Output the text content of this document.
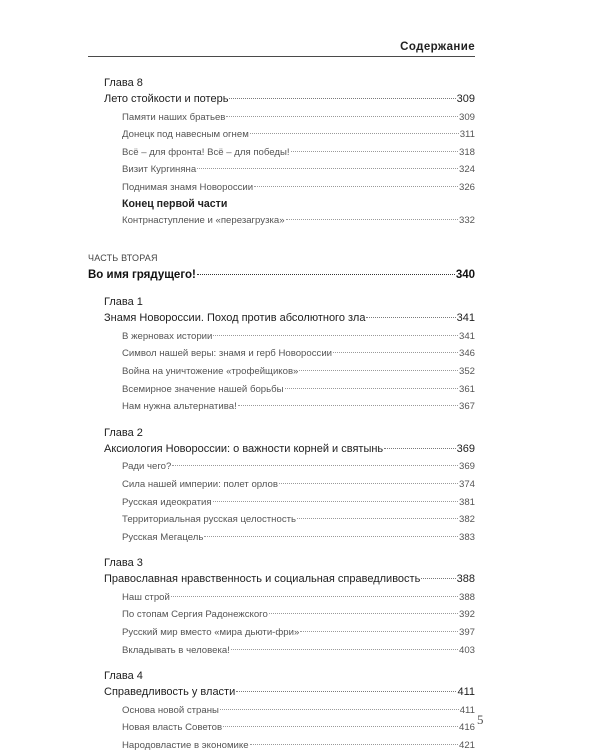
Содержание
Глава 8
Лето стойкости и потерь	309
Памяти наших братьев	309
Донецк под навесным огнем	311
Всё – для фронта! Всё – для победы!	318
Визит Кургиняна	324
Поднимая знамя Новороссии	326
Конец первой части
Контрнаступление и «перезагрузка»	332
ЧАСТЬ ВТОРАЯ
Во имя грядущего!	340
Глава 1
Знамя Новороссии. Поход против абсолютного зла	341
В жерновах истории	341
Символ нашей веры: знамя и герб Новороссии	346
Война на уничтожение «трофейщиков»	352
Всемирное значение нашей борьбы	361
Нам нужна альтернатива!	367
Глава 2
Аксиология Новороссии: о важности корней и святынь	369
Ради чего?	369
Сила нашей империи: полет орлов	374
Русская идеократия	381
Территориальная русская целостность	382
Русская Мегацель	383
Глава 3
Православная нравственность и социальная справедливость	388
Наш строй	388
По стопам Сергия Радонежского	392
Русский мир вместо «мира дьюти-фри»	397
Вкладывать в человека!	403
Глава 4
Справедливость у власти	411
Основа новой страны	411
Новая власть Советов	416
Народовластие в экономике	421
5
